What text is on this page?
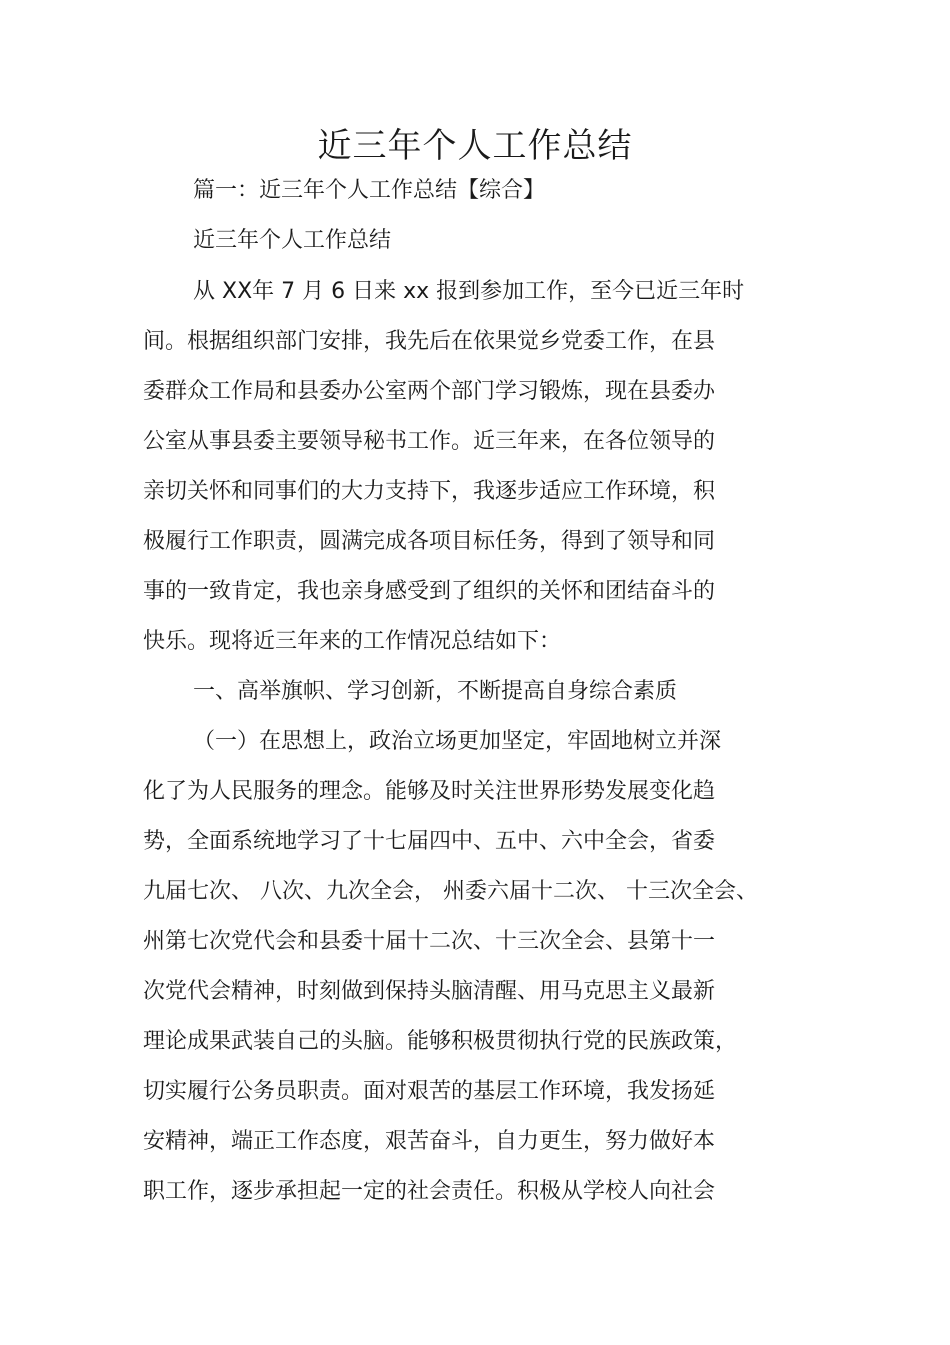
近三年个人工作总结
篇一：近三年个人工作总结【综合】
近三年个人工作总结
从 XX年 7 月 6 日来 xx 报到参加工作，至今已近三年时
间。根据组织部门安排，我先后在依果觉乡党委工作，在县
委群众工作局和县委办公室两个部门学习锻炼，现在县委办
公室从事县委主要领导秘书工作。近三年来，在各位领导的
亲切关怀和同事们的大力支持下，我逐步适应工作环境，积
极履行工作职责，圆满完成各项目标任务，得到了领导和同
事的一致肯定，我也亲身感受到了组织的关怀和团结奋斗的
快乐。现将近三年来的工作情况总结如下：
一、高举旗帜、学习创新，不断提高自身综合素质
（一）在思想上，政治立场更加坚定，牢固地树立并深
化了为人民服务的理念。能够及时关注世界形势发展变化趋
势，全面系统地学习了十七届四中、五中、六中全会，省委
九届七次、 八次、九次全会， 州委六届十二次、 十三次全会、
州第七次党代会和县委十届十二次、十三次全会、县第十一
次党代会精神，时刻做到保持头脑清醒、用马克思主义最新
理论成果武装自己的头脑。能够积极贯彻执行党的民族政策，
切实履行公务员职责。面对艰苦的基层工作环境，我发扬延
安精神，端正工作态度，艰苦奋斗，自力更生，努力做好本
职工作，逐步承担起一定的社会责任。积极从学校人向社会
